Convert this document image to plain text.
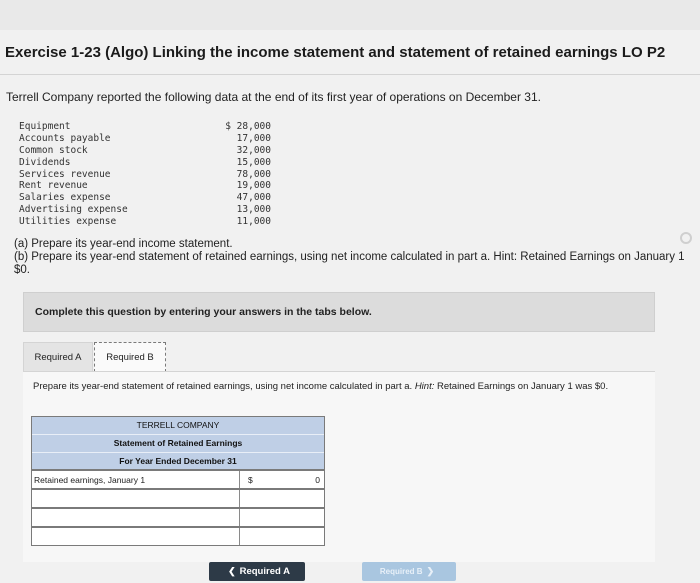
Exercise 1-23 (Algo) Linking the income statement and statement of retained earnings LO P2
Terrell Company reported the following data at the end of its first year of operations on December 31.
Equipment	$ 28,000
Accounts payable	17,000
Common stock	32,000
Dividends	15,000
Services revenue	78,000
Rent revenue	19,000
Salaries expense	47,000
Advertising expense	13,000
Utilities expense	11,000
(a) Prepare its year-end income statement.
(b) Prepare its year-end statement of retained earnings, using net income calculated in part a. Hint: Retained Earnings on January 1
$0.
Complete this question by entering your answers in the tabs below.
Required A	Required B
Prepare its year-end statement of retained earnings, using net income calculated in part a. Hint: Retained Earnings on January 1 was $0.
TERRELL COMPANY
Statement of Retained Earnings
For Year Ended December 31
Retained earnings, January 1	$	0
❮ Required A	Required B ❯
